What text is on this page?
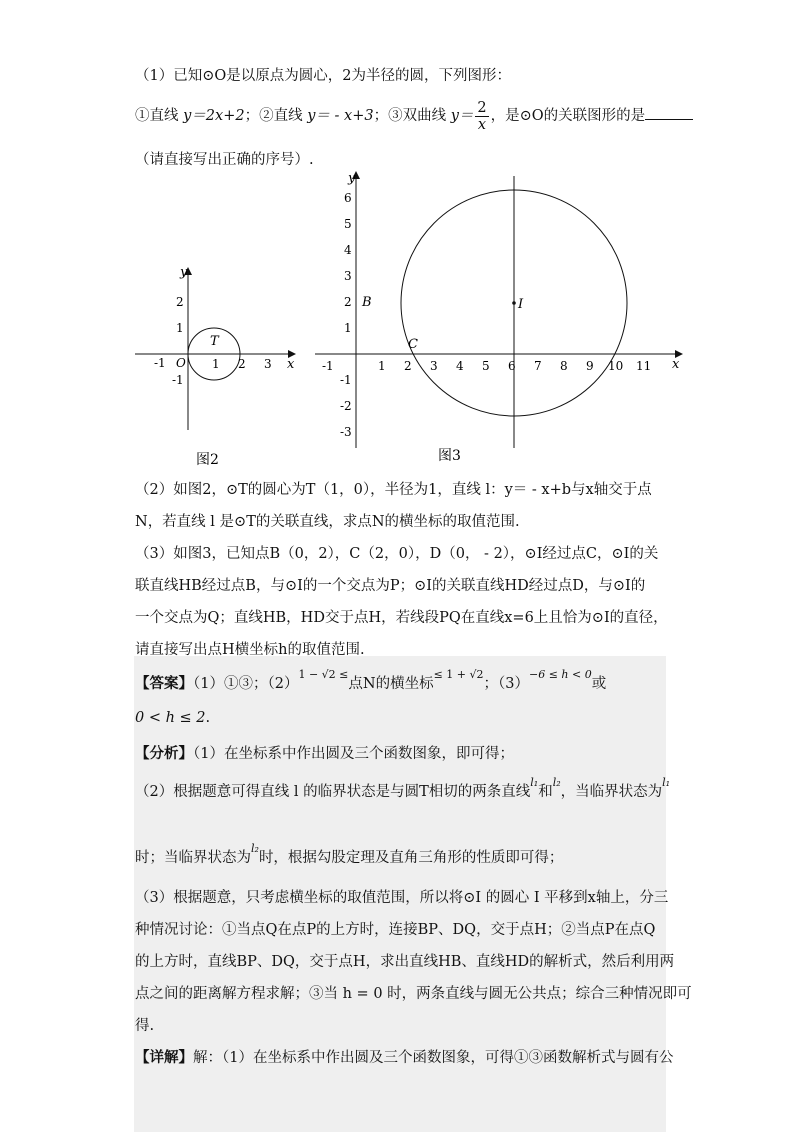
（1）已知⊙O是以原点为圆心，2为半径的圆，下列图形：
①直线 y＝2x+2；②直线 y＝ - x+3；③双曲线 $y= \frac{2}{x}$ ，是⊙O的关联图形的是
（请直接写出正确的序号）.
y
x
O
T
-1	1 2 3
2
1
-1
图2
y
x
B
C
I
-1	1 2 3 4 5 6 7 8 9 10 11
6
5
4
3
2
1
-1
-2
-3
图3
（2）如图2，⊙T的圆心为T（1，0），半径为1，直线 l：y＝ - x+b与x轴交于点
N，若直线 l 是⊙T的关联直线，求点N的横坐标的取值范围.
（3）如图3，已知点B（0，2），C（2，0），D（0， - 2），⊙I经过点C，⊙I的关
联直线HB经过点B，与⊙I的一个交点为P；⊙I的关联直线HD经过点D，与⊙I的
一个交点为Q；直线HB，HD交于点H，若线段PQ在直线x=6上且恰为⊙I的直径，
请直接写出点H横坐标h的取值范围.
【答案】（1）①③；$(2)^{1 - √2 \le}$点N的横坐标$^{\le 1 + √2}$；$(3)^{-6 \le h < 0}$或
0 < h ≤ 2.
【分析】（1）在坐标系中作出圆及三个函数图象，即可得；
（2）根据题意可得直线 l 的临界状态是与圆T相切的两条直线$^{l_1}$和$^{l_2}$，当临界状态为$^{l_1}$
时；当临界状态为$^{l_2}$时，根据勾股定理及直角三角形的性质即可得；
（3）根据题意，只考虑横坐标的取值范围，所以将⊙I 的圆心 I 平移到x轴上，分三
种情况讨论：①当点Q在点P的上方时，连接BP、DQ，交于点H；②当点P在点Q
的上方时，直线BP、DQ，交于点H，求出直线HB、直线HD的解析式，然后利用两
点之间的距离解方程求解；③当 h = 0 时，两条直线与圆无公共点；综合三种情况即可
得.
【详解】解：（1）在坐标系中作出圆及三个函数图象，可得①③函数解析式与圆有公
